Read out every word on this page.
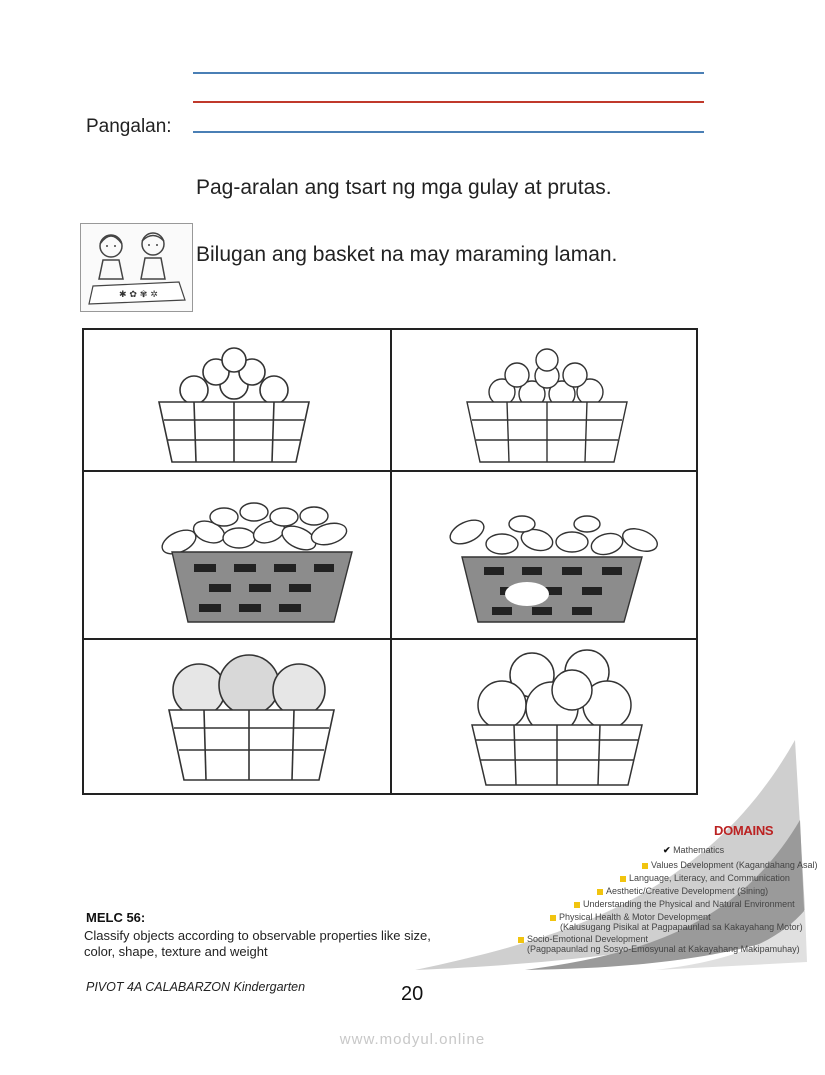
Pangalan:
Pag-aralan ang tsart ng mga gulay at prutas.
✱ ✿ ✾ ✲
Bilugan ang basket na may maraming laman.
DOMAINS
✔ Mathematics
Values Development (Kagandahang Asal)
Language, Literacy, and Communication
Aesthetic/Creative Development (Sining)
Understanding the Physical and Natural Environment
Physical Health & Motor Development
(Kalusugang Pisikal at Pagpapaunlad sa Kakayahang Motor)
Socio-Emotional Development
(Pagpapaunlad ng Sosyo-Emosyunal at Kakayahang Makipamuhay)
MELC 56:
Classify objects according to observable properties like size, color, shape, texture and weight
PIVOT 4A CALABARZON Kindergarten	20
www.modyul.online
